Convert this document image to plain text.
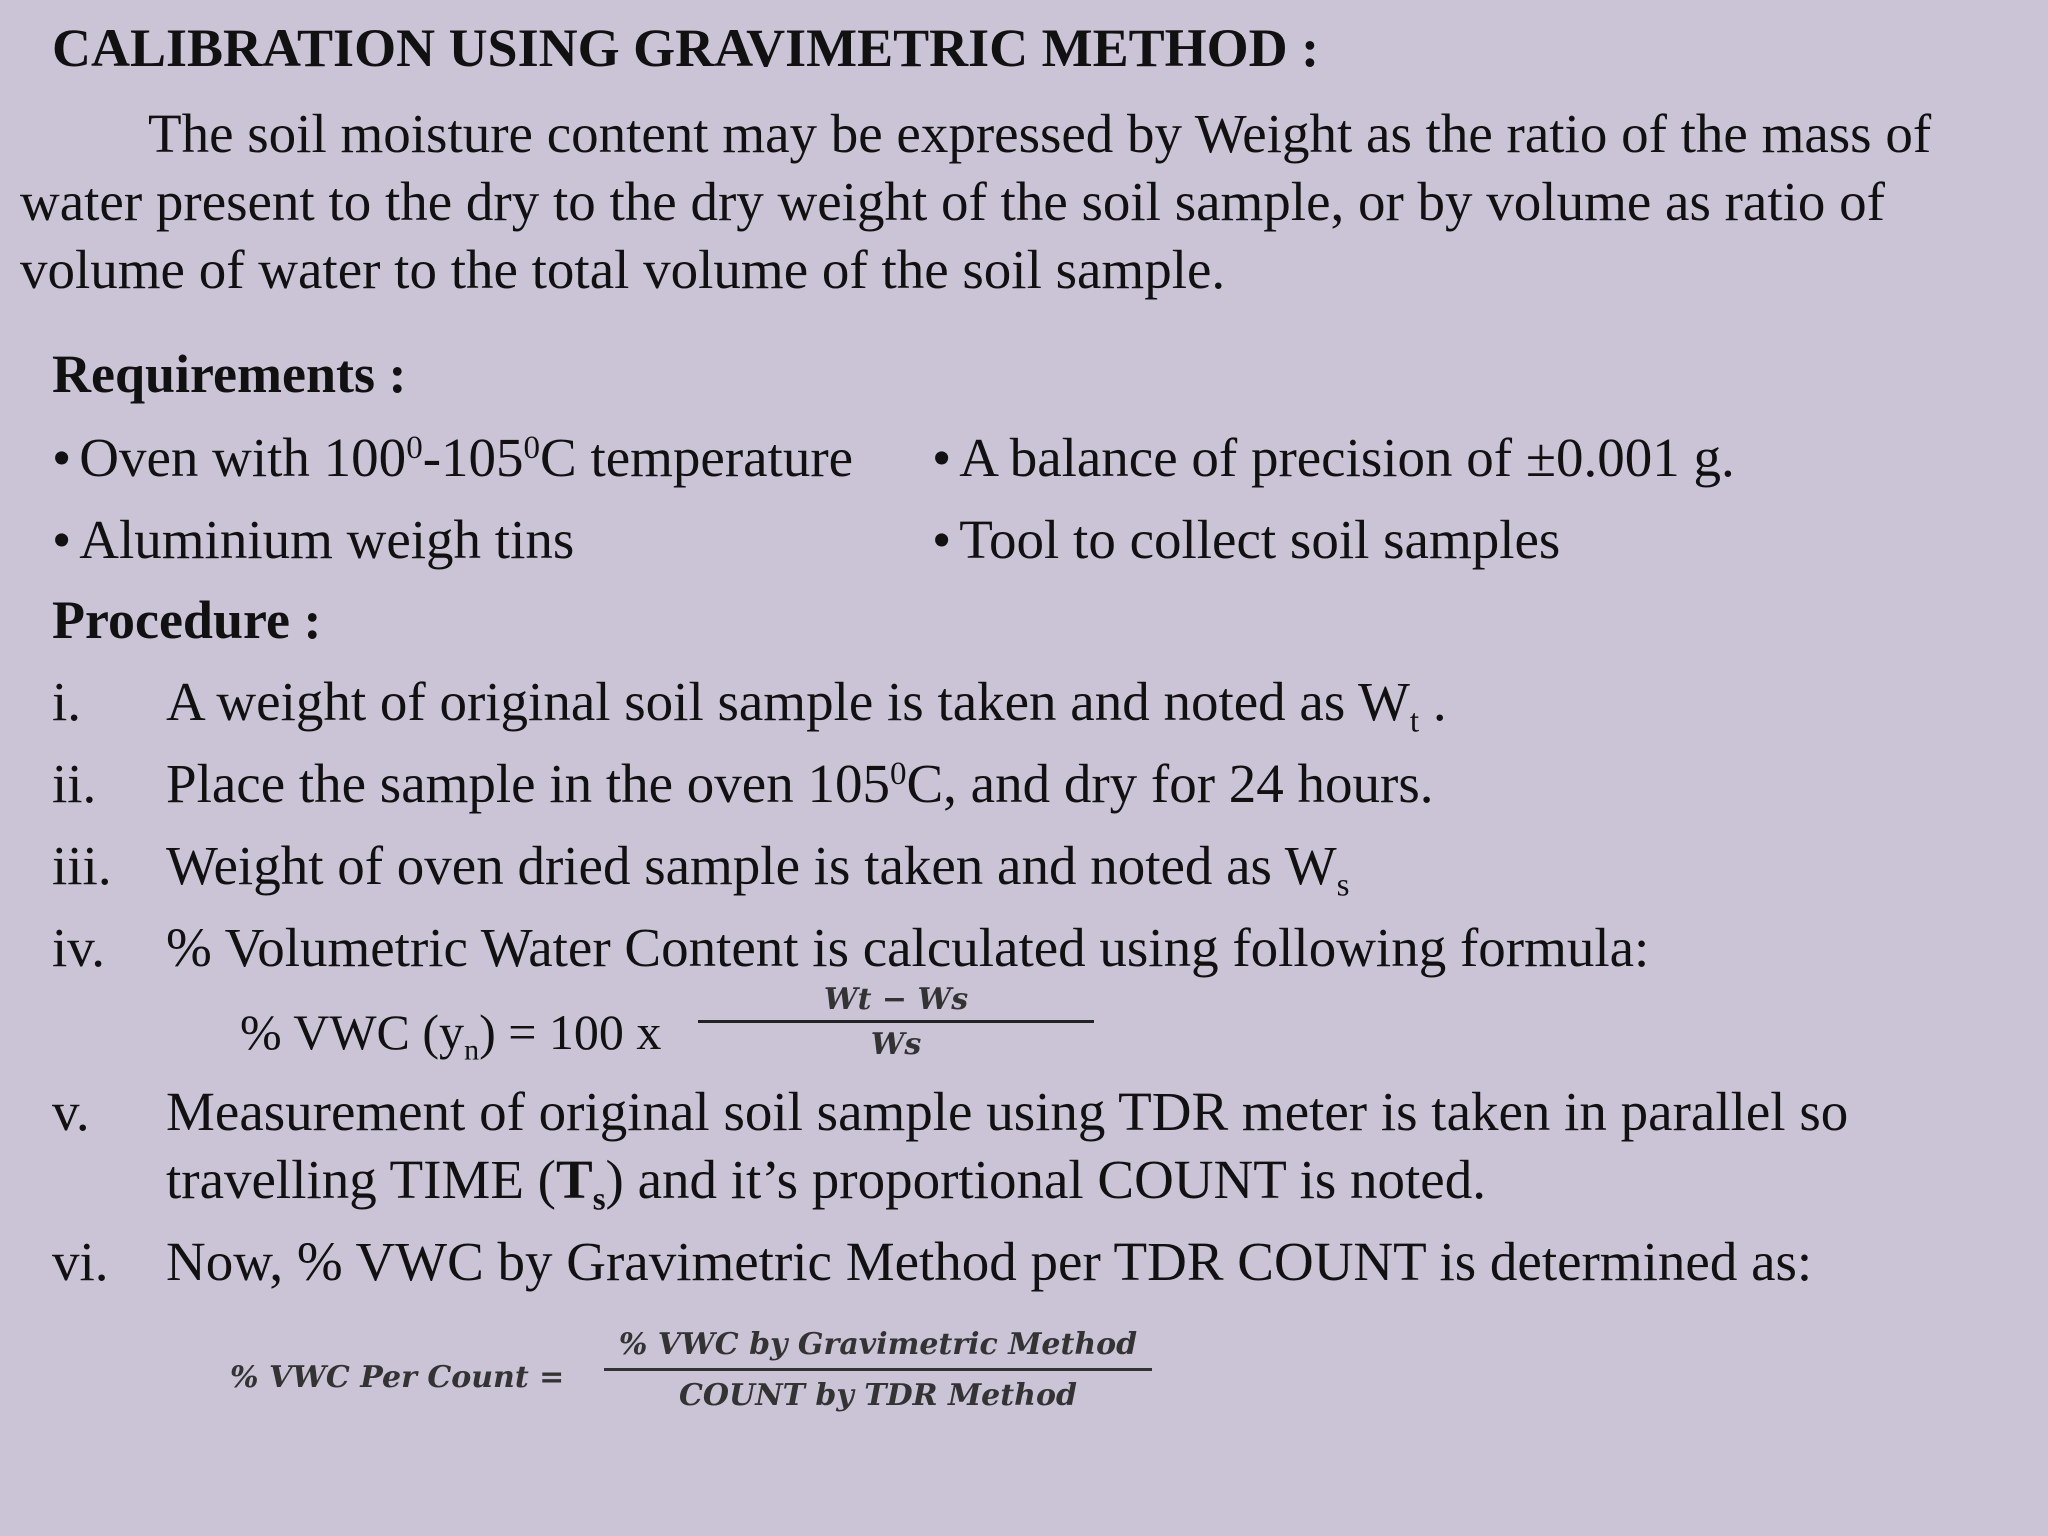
CALIBRATION USING GRAVIMETRIC METHOD :
The soil moisture content may be expressed by Weight as the ratio of the mass of
water present to the dry to the dry weight of the soil sample, or by volume as ratio of
volume of water to the total volume of the soil sample.
Requirements :
• Oven with $100^0-105^0C$ temperature • A balance of precision of ±0.001 g.
• Aluminium weigh tins	• Tool to collect soil samples
Procedure :
i. A weight of original soil sample is taken and noted as $W_t$ .
ii. Place the sample in the oven $105^0C$, and dry for 24 hours.
iii. Weight of oven dried sample is taken and noted as $W_s$
iv. % Volumetric Water Content is calculated using following formula:
% VWC $(y_n) = 100$ x $\frac{Wt - Ws}{Ws}$
v. Measurement of original soil sample using TDR meter is taken in parallel so
travelling TIME $(T_s)$ and it’s proportional COUNT is noted.
vi. Now, % VWC by Gravimetric Method per TDR COUNT is determined as:
% VWC Per Count =
% VWC by Gravimetric Method
COUNT by TDR Method
